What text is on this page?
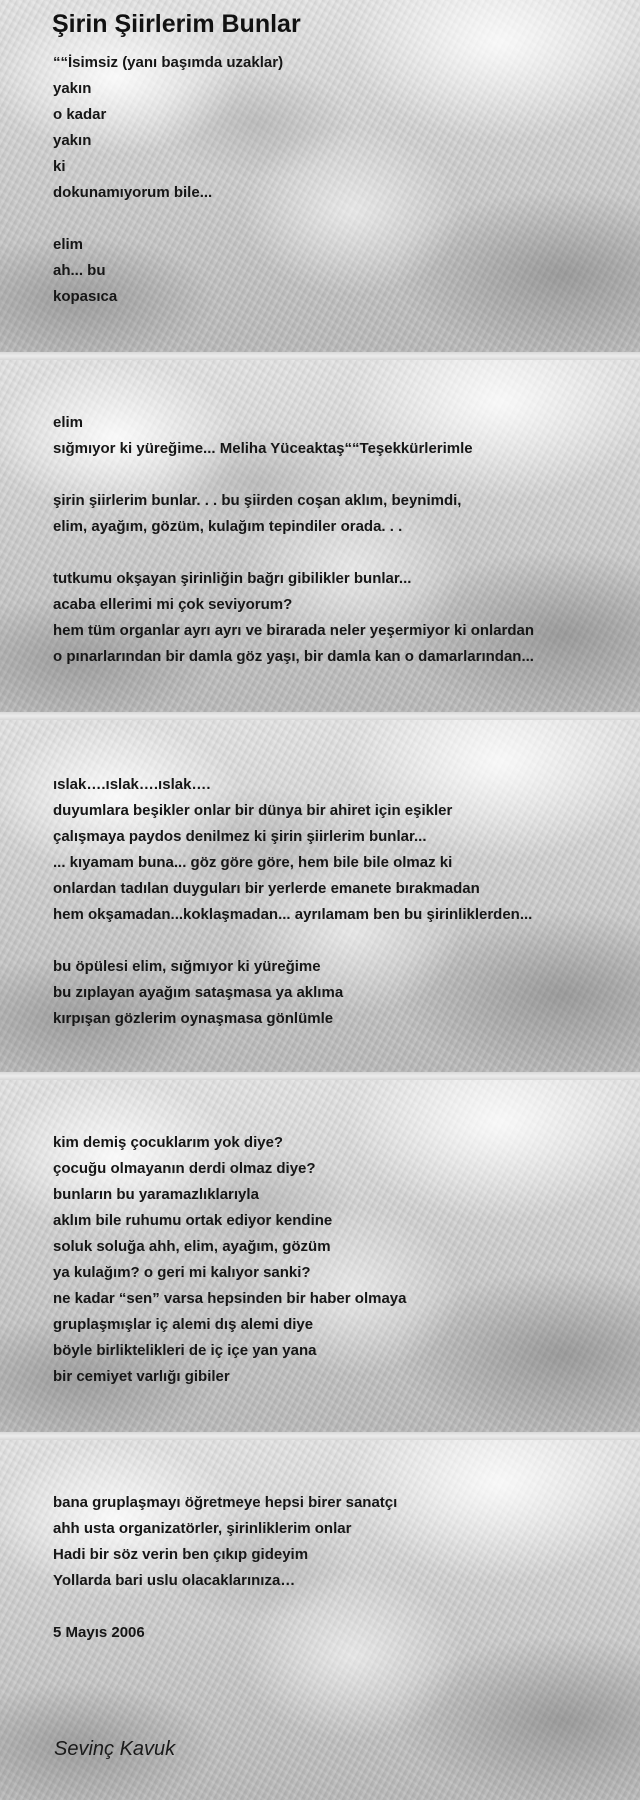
Şirin Şiirlerim Bunlar
““İsimsiz (yanı başımda uzaklar)
yakın
o kadar
yakın
ki
dokunamıyorum bile...
elim
ah... bu
kopasıca
elim
sığmıyor ki yüreğime... Meliha Yüceaktaş““Teşekkürlerimle
şirin şiirlerim bunlar. . . bu şiirden coşan aklım, beynimdi,
elim, ayağım, gözüm, kulağım tepindiler orada. . .
tutkumu okşayan şirinliğin bağrı gibilikler bunlar...
acaba ellerimi mi çok seviyorum?
hem tüm organlar ayrı ayrı ve birarada neler yeşermiyor ki onlardan
o pınarlarından bir damla göz yaşı, bir damla kan o damarlarından...
ıslak….ıslak….ıslak….
duyumlara beşikler onlar bir dünya bir ahiret için eşikler
çalışmaya paydos denilmez ki şirin şiirlerim bunlar...
... kıyamam buna... göz göre göre, hem bile bile olmaz ki
onlardan tadılan duyguları bir yerlerde emanete bırakmadan
hem okşamadan...koklaşmadan... ayrılamam ben bu şirinliklerden...
bu öpülesi elim, sığmıyor ki yüreğime
bu zıplayan ayağım sataşmasa ya aklıma
kırpışan gözlerim oynaşmasa gönlümle
kim demiş çocuklarım yok diye?
çocuğu olmayanın derdi olmaz diye?
bunların bu yaramazlıklarıyla
aklım bile ruhumu ortak ediyor kendine
soluk soluğa ahh, elim, ayağım, gözüm
ya kulağım? o geri mi kalıyor sanki?
ne kadar “sen” varsa hepsinden bir haber olmaya
gruplaşmışlar iç alemi dış alemi diye
böyle birliktelikleri de iç içe yan yana
bir cemiyet varlığı gibiler
bana gruplaşmayı öğretmeye hepsi birer sanatçı
ahh usta organizatörler, şirinliklerim onlar
Hadi bir söz verin ben çıkıp gideyim
Yollarda bari uslu olacaklarınıza…
5 Mayıs 2006
Sevinç Kavuk
